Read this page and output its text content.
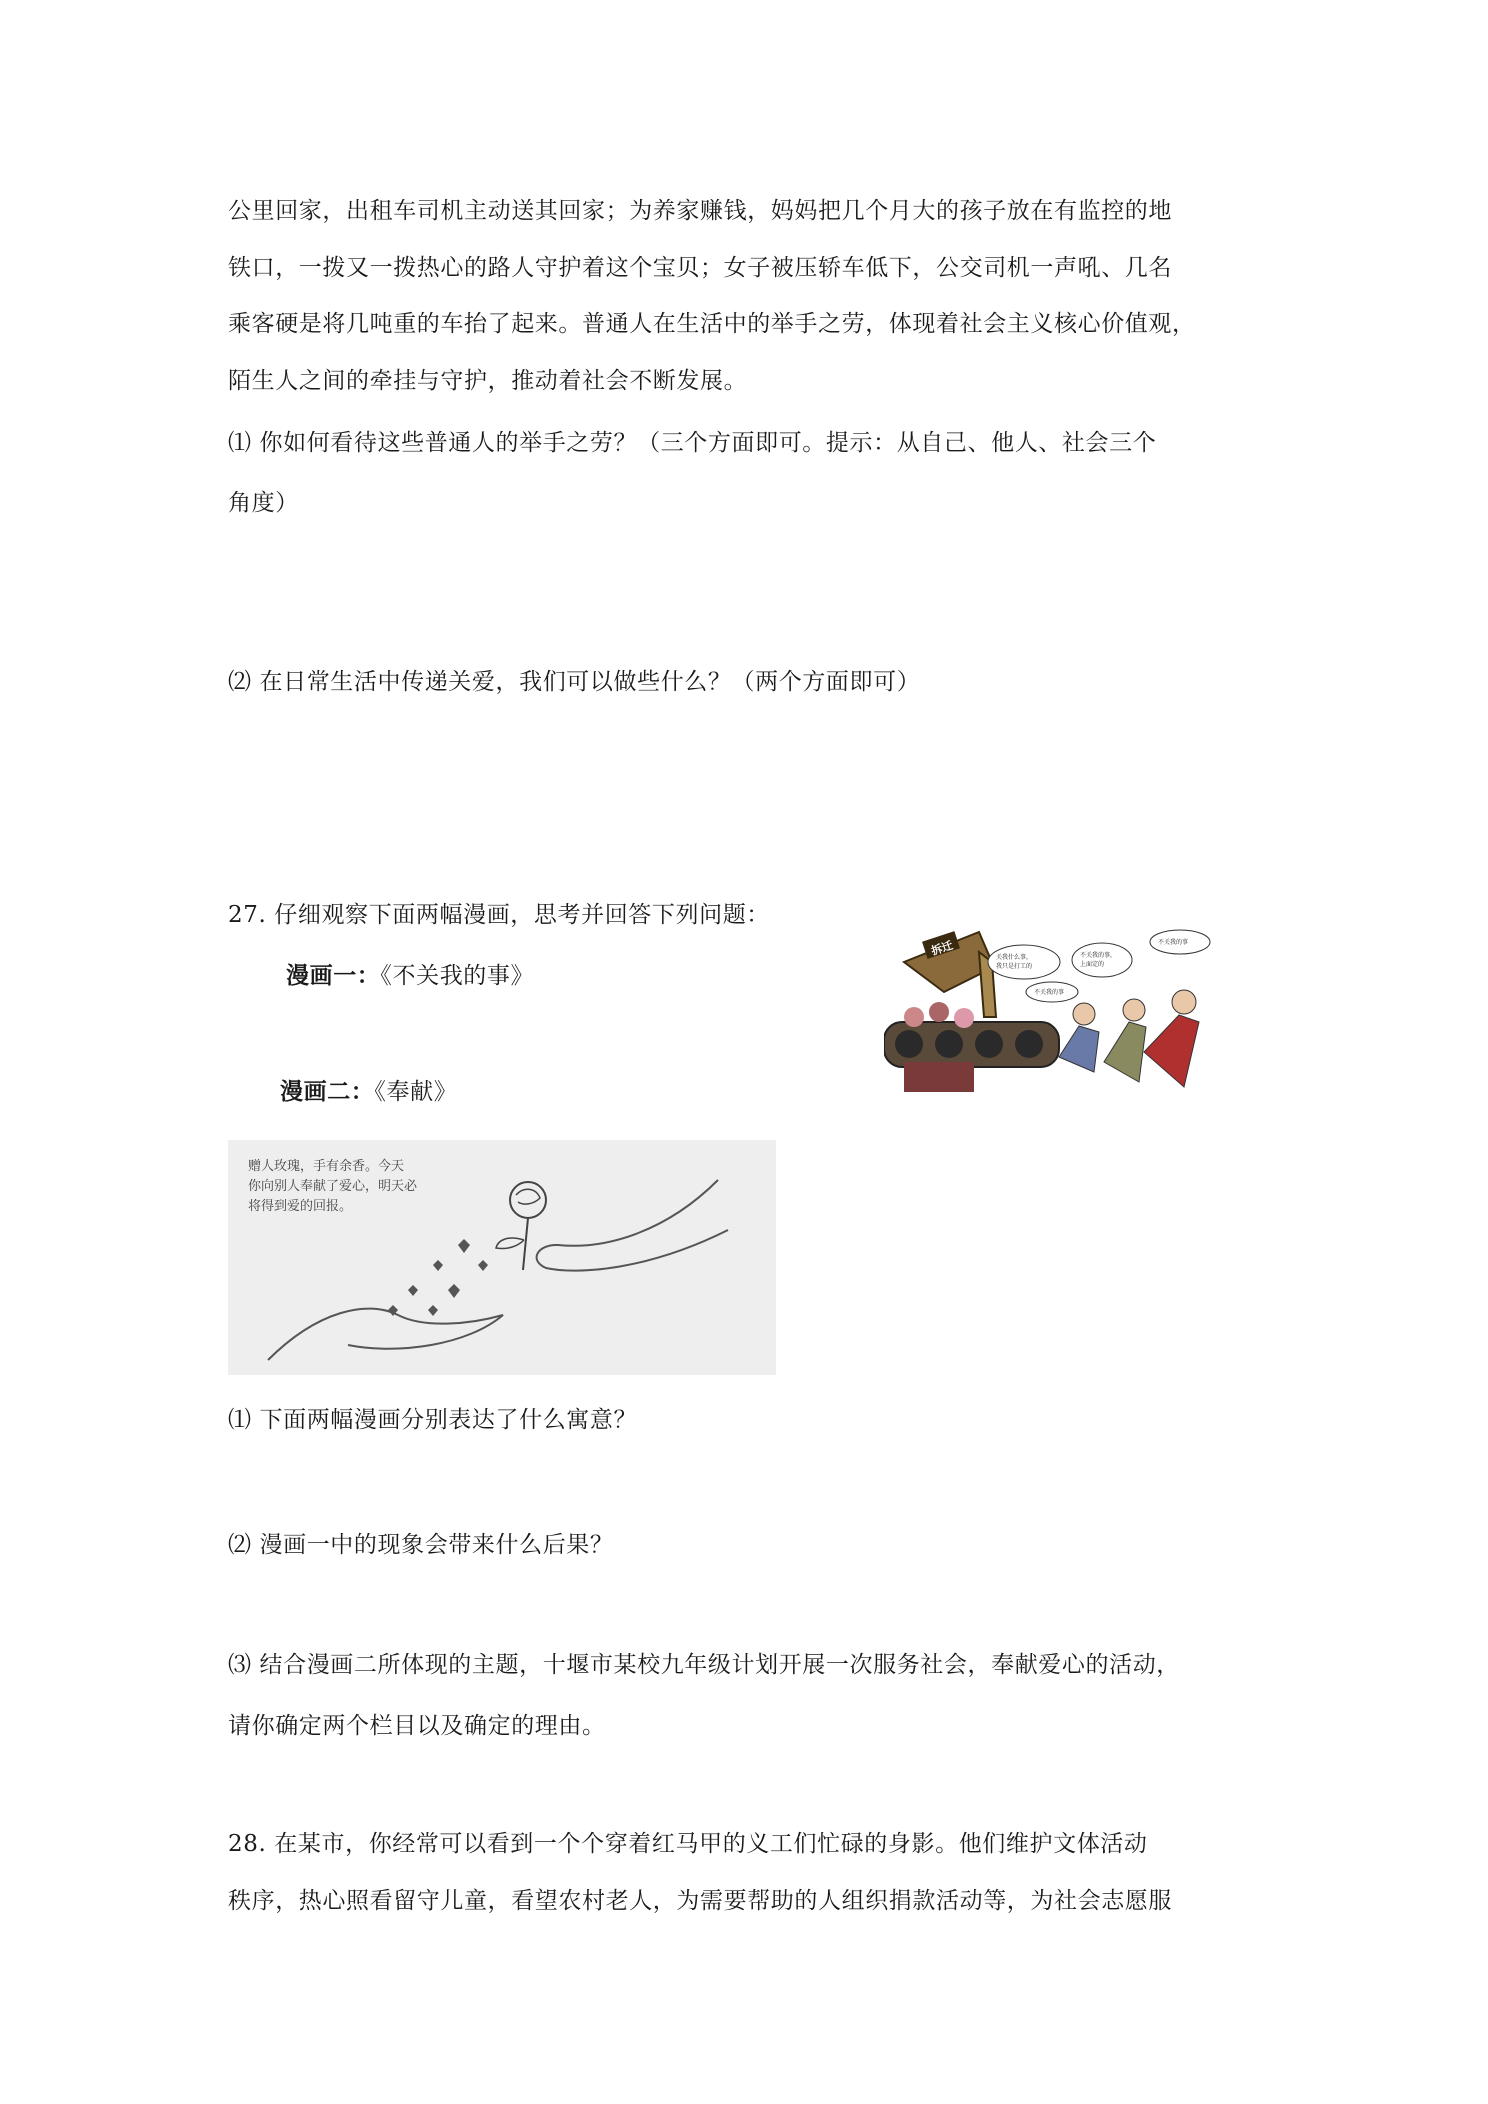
公里回家，出租车司机主动送其回家；为养家赚钱，妈妈把几个月大的孩子放在有监控的地
铁口，一拨又一拨热心的路人守护着这个宝贝；女子被压轿车低下，公交司机一声吼、几名
乘客硬是将几吨重的车抬了起来。普通人在生活中的举手之劳，体现着社会主义核心价值观，
陌生人之间的牵挂与守护，推动着社会不断发展。
⑴ 你如何看待这些普通人的举手之劳？（三个方面即可。提示：从自己、他人、社会三个
角度）
⑵ 在日常生活中传递关爱，我们可以做些什么？（两个方面即可）
27. 仔细观察下面两幅漫画，思考并回答下列问题：
漫画一：《不关我的事》
漫画二：《奉献》
拆迁	关我什么事，
我只是打工的
不关我的事，
上面定的
不关我的事
不关我的事
赠人玫瑰，手有余香。今天
你向别人奉献了爱心，明天必
将得到爱的回报。
⑴ 下面两幅漫画分别表达了什么寓意？
⑵ 漫画一中的现象会带来什么后果？
⑶ 结合漫画二所体现的主题，十堰市某校九年级计划开展一次服务社会，奉献爱心的活动，
请你确定两个栏目以及确定的理由。
28. 在某市，你经常可以看到一个个穿着红马甲的义工们忙碌的身影。他们维护文体活动
秩序，热心照看留守儿童，看望农村老人，为需要帮助的人组织捐款活动等，为社会志愿服
